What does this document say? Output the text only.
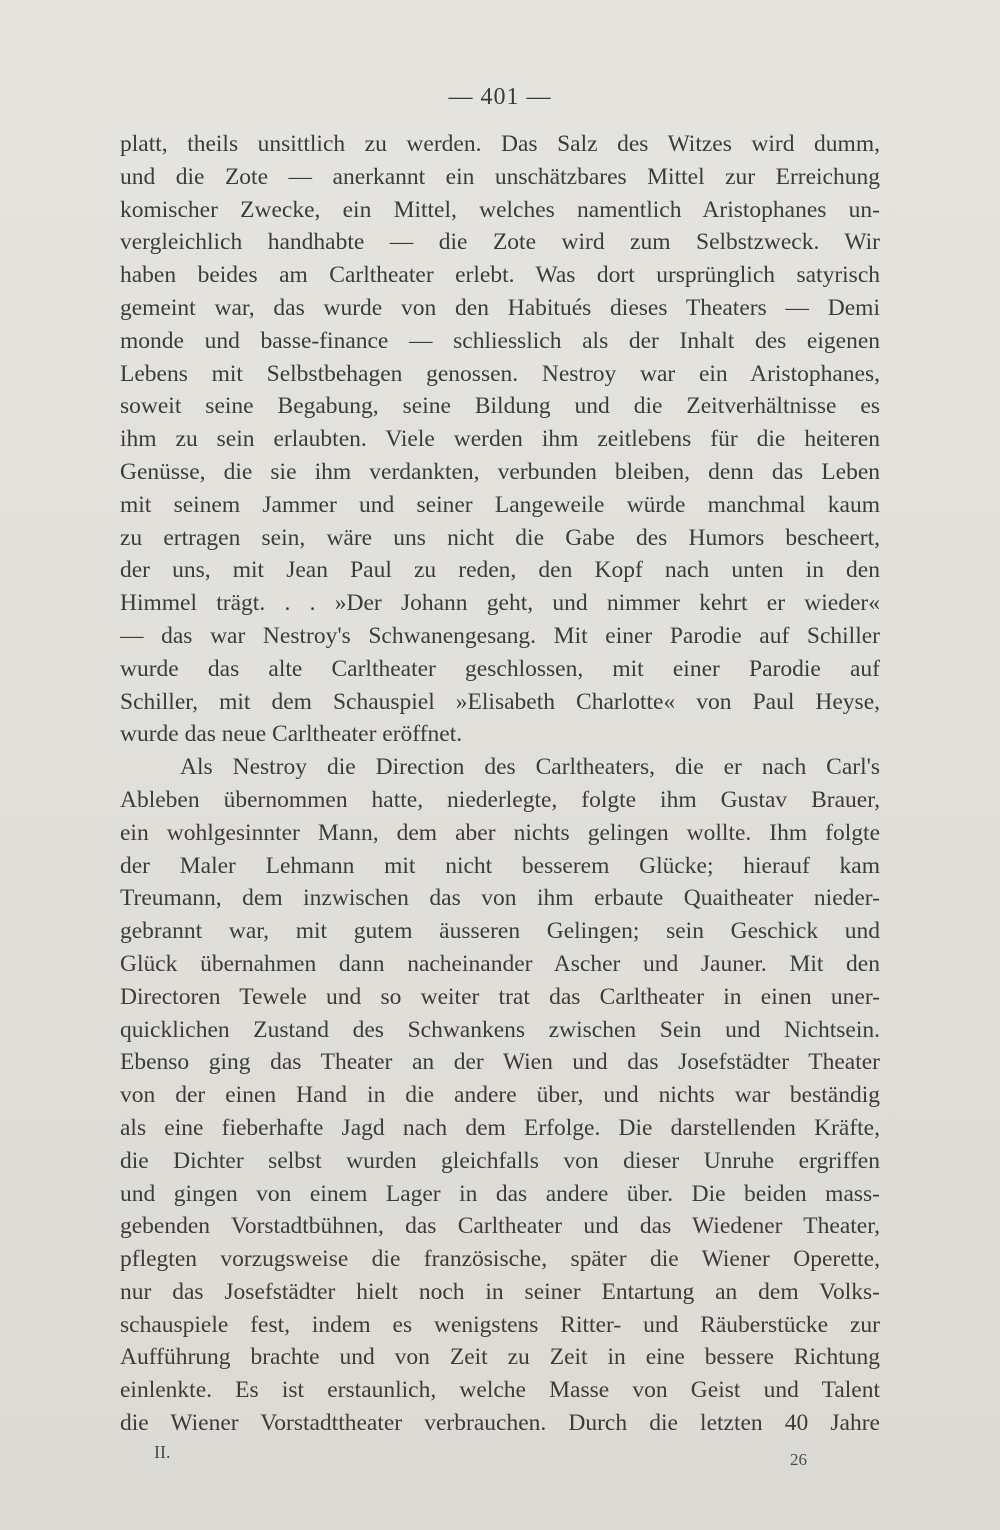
— 401 —
platt, theils unsittlich zu werden. Das Salz des Witzes wird dumm,
und die Zote — anerkannt ein unschätzbares Mittel zur Erreichung
komischer Zwecke, ein Mittel, welches namentlich Aristophanes un-
vergleichlich handhabte — die Zote wird zum Selbstzweck. Wir
haben beides am Carltheater erlebt. Was dort ursprünglich satyrisch
gemeint war, das wurde von den Habitués dieses Theaters — Demi
monde und basse-finance — schliesslich als der Inhalt des eigenen
Lebens mit Selbstbehagen genossen. Nestroy war ein Aristophanes,
soweit seine Begabung, seine Bildung und die Zeitverhältnisse es
ihm zu sein erlaubten. Viele werden ihm zeitlebens für die heiteren
Genüsse, die sie ihm verdankten, verbunden bleiben, denn das Leben
mit seinem Jammer und seiner Langeweile würde manchmal kaum
zu ertragen sein, wäre uns nicht die Gabe des Humors bescheert,
der uns, mit Jean Paul zu reden, den Kopf nach unten in den
Himmel trägt. . . »Der Johann geht, und nimmer kehrt er wieder«
— das war Nestroy's Schwanengesang. Mit einer Parodie auf Schiller
wurde das alte Carltheater geschlossen, mit einer Parodie auf
Schiller, mit dem Schauspiel »Elisabeth Charlotte« von Paul Heyse,
wurde das neue Carltheater eröffnet.
Als Nestroy die Direction des Carltheaters, die er nach Carl's
Ableben übernommen hatte, niederlegte, folgte ihm Gustav Brauer,
ein wohlgesinnter Mann, dem aber nichts gelingen wollte. Ihm folgte
der Maler Lehmann mit nicht besserem Glücke; hierauf kam
Treumann, dem inzwischen das von ihm erbaute Quaitheater nieder-
gebrannt war, mit gutem äusseren Gelingen; sein Geschick und
Glück übernahmen dann nacheinander Ascher und Jauner. Mit den
Directoren Tewele und so weiter trat das Carltheater in einen uner-
quicklichen Zustand des Schwankens zwischen Sein und Nichtsein.
Ebenso ging das Theater an der Wien und das Josefstädter Theater
von der einen Hand in die andere über, und nichts war beständig
als eine fieberhafte Jagd nach dem Erfolge. Die darstellenden Kräfte,
die Dichter selbst wurden gleichfalls von dieser Unruhe ergriffen
und gingen von einem Lager in das andere über. Die beiden mass-
gebenden Vorstadtbühnen, das Carltheater und das Wiedener Theater,
pflegten vorzugsweise die französische, später die Wiener Operette,
nur das Josefstädter hielt noch in seiner Entartung an dem Volks-
schauspiele fest, indem es wenigstens Ritter- und Räuberstücke zur
Aufführung brachte und von Zeit zu Zeit in eine bessere Richtung
einlenkte. Es ist erstaunlich, welche Masse von Geist und Talent
die Wiener Vorstadttheater verbrauchen. Durch die letzten 40 Jahre
II.	26
